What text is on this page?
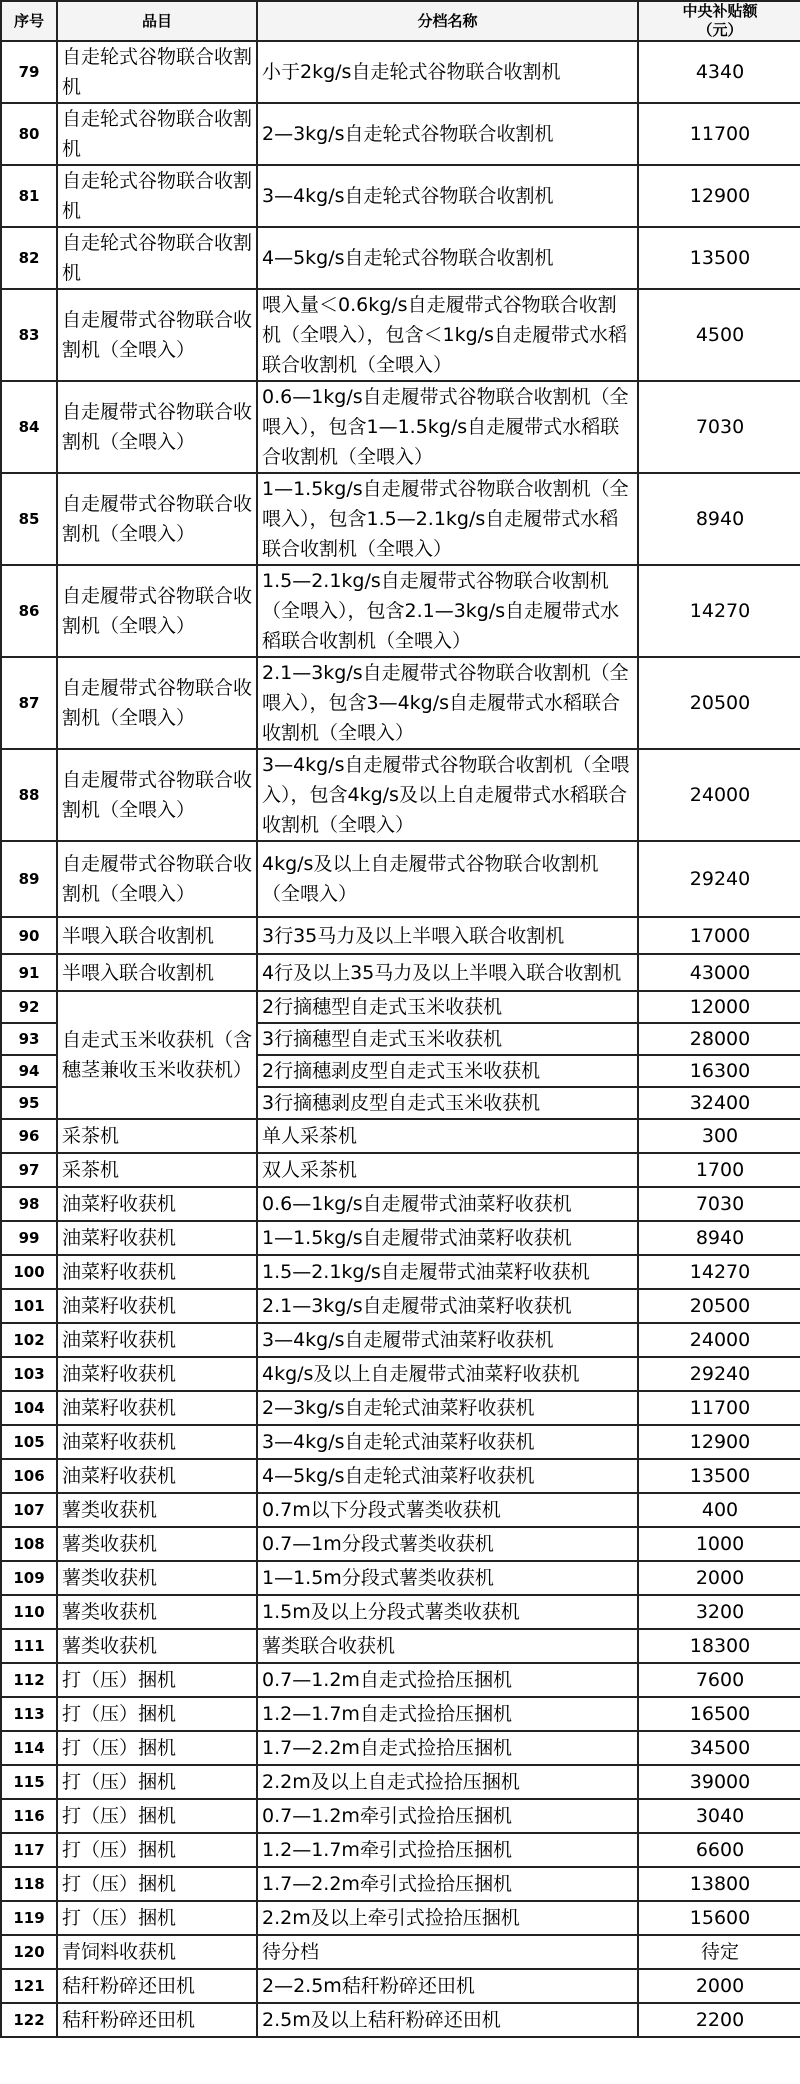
序号	品目	分档名称	中央补贴额
（元）

79	自走轮式谷物联合收割机	小于2kg/s自走轮式谷物联合收割机	4340
80	自走轮式谷物联合收割机	2—3kg/s自走轮式谷物联合收割机	11700
81	自走轮式谷物联合收割机	3—4kg/s自走轮式谷物联合收割机	12900
82	自走轮式谷物联合收割机	4—5kg/s自走轮式谷物联合收割机	13500
83	自走履带式谷物联合收割机（全喂入）	喂入量＜0.6kg/s自走履带式谷物联合收割机（全喂入），包含＜1kg/s自走履带式水稻联合收割机（全喂入）	4500
84	自走履带式谷物联合收割机（全喂入）	0.6—1kg/s自走履带式谷物联合收割机（全喂入），包含1—1.5kg/s自走履带式水稻联合收割机（全喂入）	7030
85	自走履带式谷物联合收割机（全喂入）	1—1.5kg/s自走履带式谷物联合收割机（全喂入），包含1.5—2.1kg/s自走履带式水稻联合收割机（全喂入）	8940
86	自走履带式谷物联合收割机（全喂入）	1.5—2.1kg/s自走履带式谷物联合收割机（全喂入），包含2.1—3kg/s自走履带式水稻联合收割机（全喂入）	14270
87	自走履带式谷物联合收割机（全喂入）	2.1—3kg/s自走履带式谷物联合收割机（全喂入），包含3—4kg/s自走履带式水稻联合收割机（全喂入）	20500
88	自走履带式谷物联合收割机（全喂入）	3—4kg/s自走履带式谷物联合收割机（全喂入），包含4kg/s及以上自走履带式水稻联合收割机（全喂入）	24000
89	自走履带式谷物联合收割机（全喂入）	4kg/s及以上自走履带式谷物联合收割机（全喂入）	29240
90	半喂入联合收割机	3行35马力及以上半喂入联合收割机	17000
91	半喂入联合收割机	4行及以上35马力及以上半喂入联合收割机	43000
92	自走式玉米收获机（含穗茎兼收玉米收获机）	2行摘穗型自走式玉米收获机	12000
93		3行摘穗型自走式玉米收获机	28000
94		2行摘穗剥皮型自走式玉米收获机	16300
95		3行摘穗剥皮型自走式玉米收获机	32400
96	采茶机	单人采茶机	300
97	采茶机	双人采茶机	1700
98	油菜籽收获机	0.6—1kg/s自走履带式油菜籽收获机	7030
99	油菜籽收获机	1—1.5kg/s自走履带式油菜籽收获机	8940
100	油菜籽收获机	1.5—2.1kg/s自走履带式油菜籽收获机	14270
101	油菜籽收获机	2.1—3kg/s自走履带式油菜籽收获机	20500
102	油菜籽收获机	3—4kg/s自走履带式油菜籽收获机	24000
103	油菜籽收获机	4kg/s及以上自走履带式油菜籽收获机	29240
104	油菜籽收获机	2—3kg/s自走轮式油菜籽收获机	11700
105	油菜籽收获机	3—4kg/s自走轮式油菜籽收获机	12900
106	油菜籽收获机	4—5kg/s自走轮式油菜籽收获机	13500
107	薯类收获机	0.7m以下分段式薯类收获机	400
108	薯类收获机	0.7—1m分段式薯类收获机	1000
109	薯类收获机	1—1.5m分段式薯类收获机	2000
110	薯类收获机	1.5m及以上分段式薯类收获机	3200
111	薯类收获机	薯类联合收获机	18300
112	打（压）捆机	0.7—1.2m自走式捡拾压捆机	7600
113	打（压）捆机	1.2—1.7m自走式捡拾压捆机	16500
114	打（压）捆机	1.7—2.2m自走式捡拾压捆机	34500
115	打（压）捆机	2.2m及以上自走式捡拾压捆机	39000
116	打（压）捆机	0.7—1.2m牵引式捡拾压捆机	3040
117	打（压）捆机	1.2—1.7m牵引式捡拾压捆机	6600
118	打（压）捆机	1.7—2.2m牵引式捡拾压捆机	13800
119	打（压）捆机	2.2m及以上牵引式捡拾压捆机	15600
120	青饲料收获机	待分档	待定
121	秸秆粉碎还田机	2—2.5m秸秆粉碎还田机	2000
122	秸秆粉碎还田机	2.5m及以上秸秆粉碎还田机	2200
